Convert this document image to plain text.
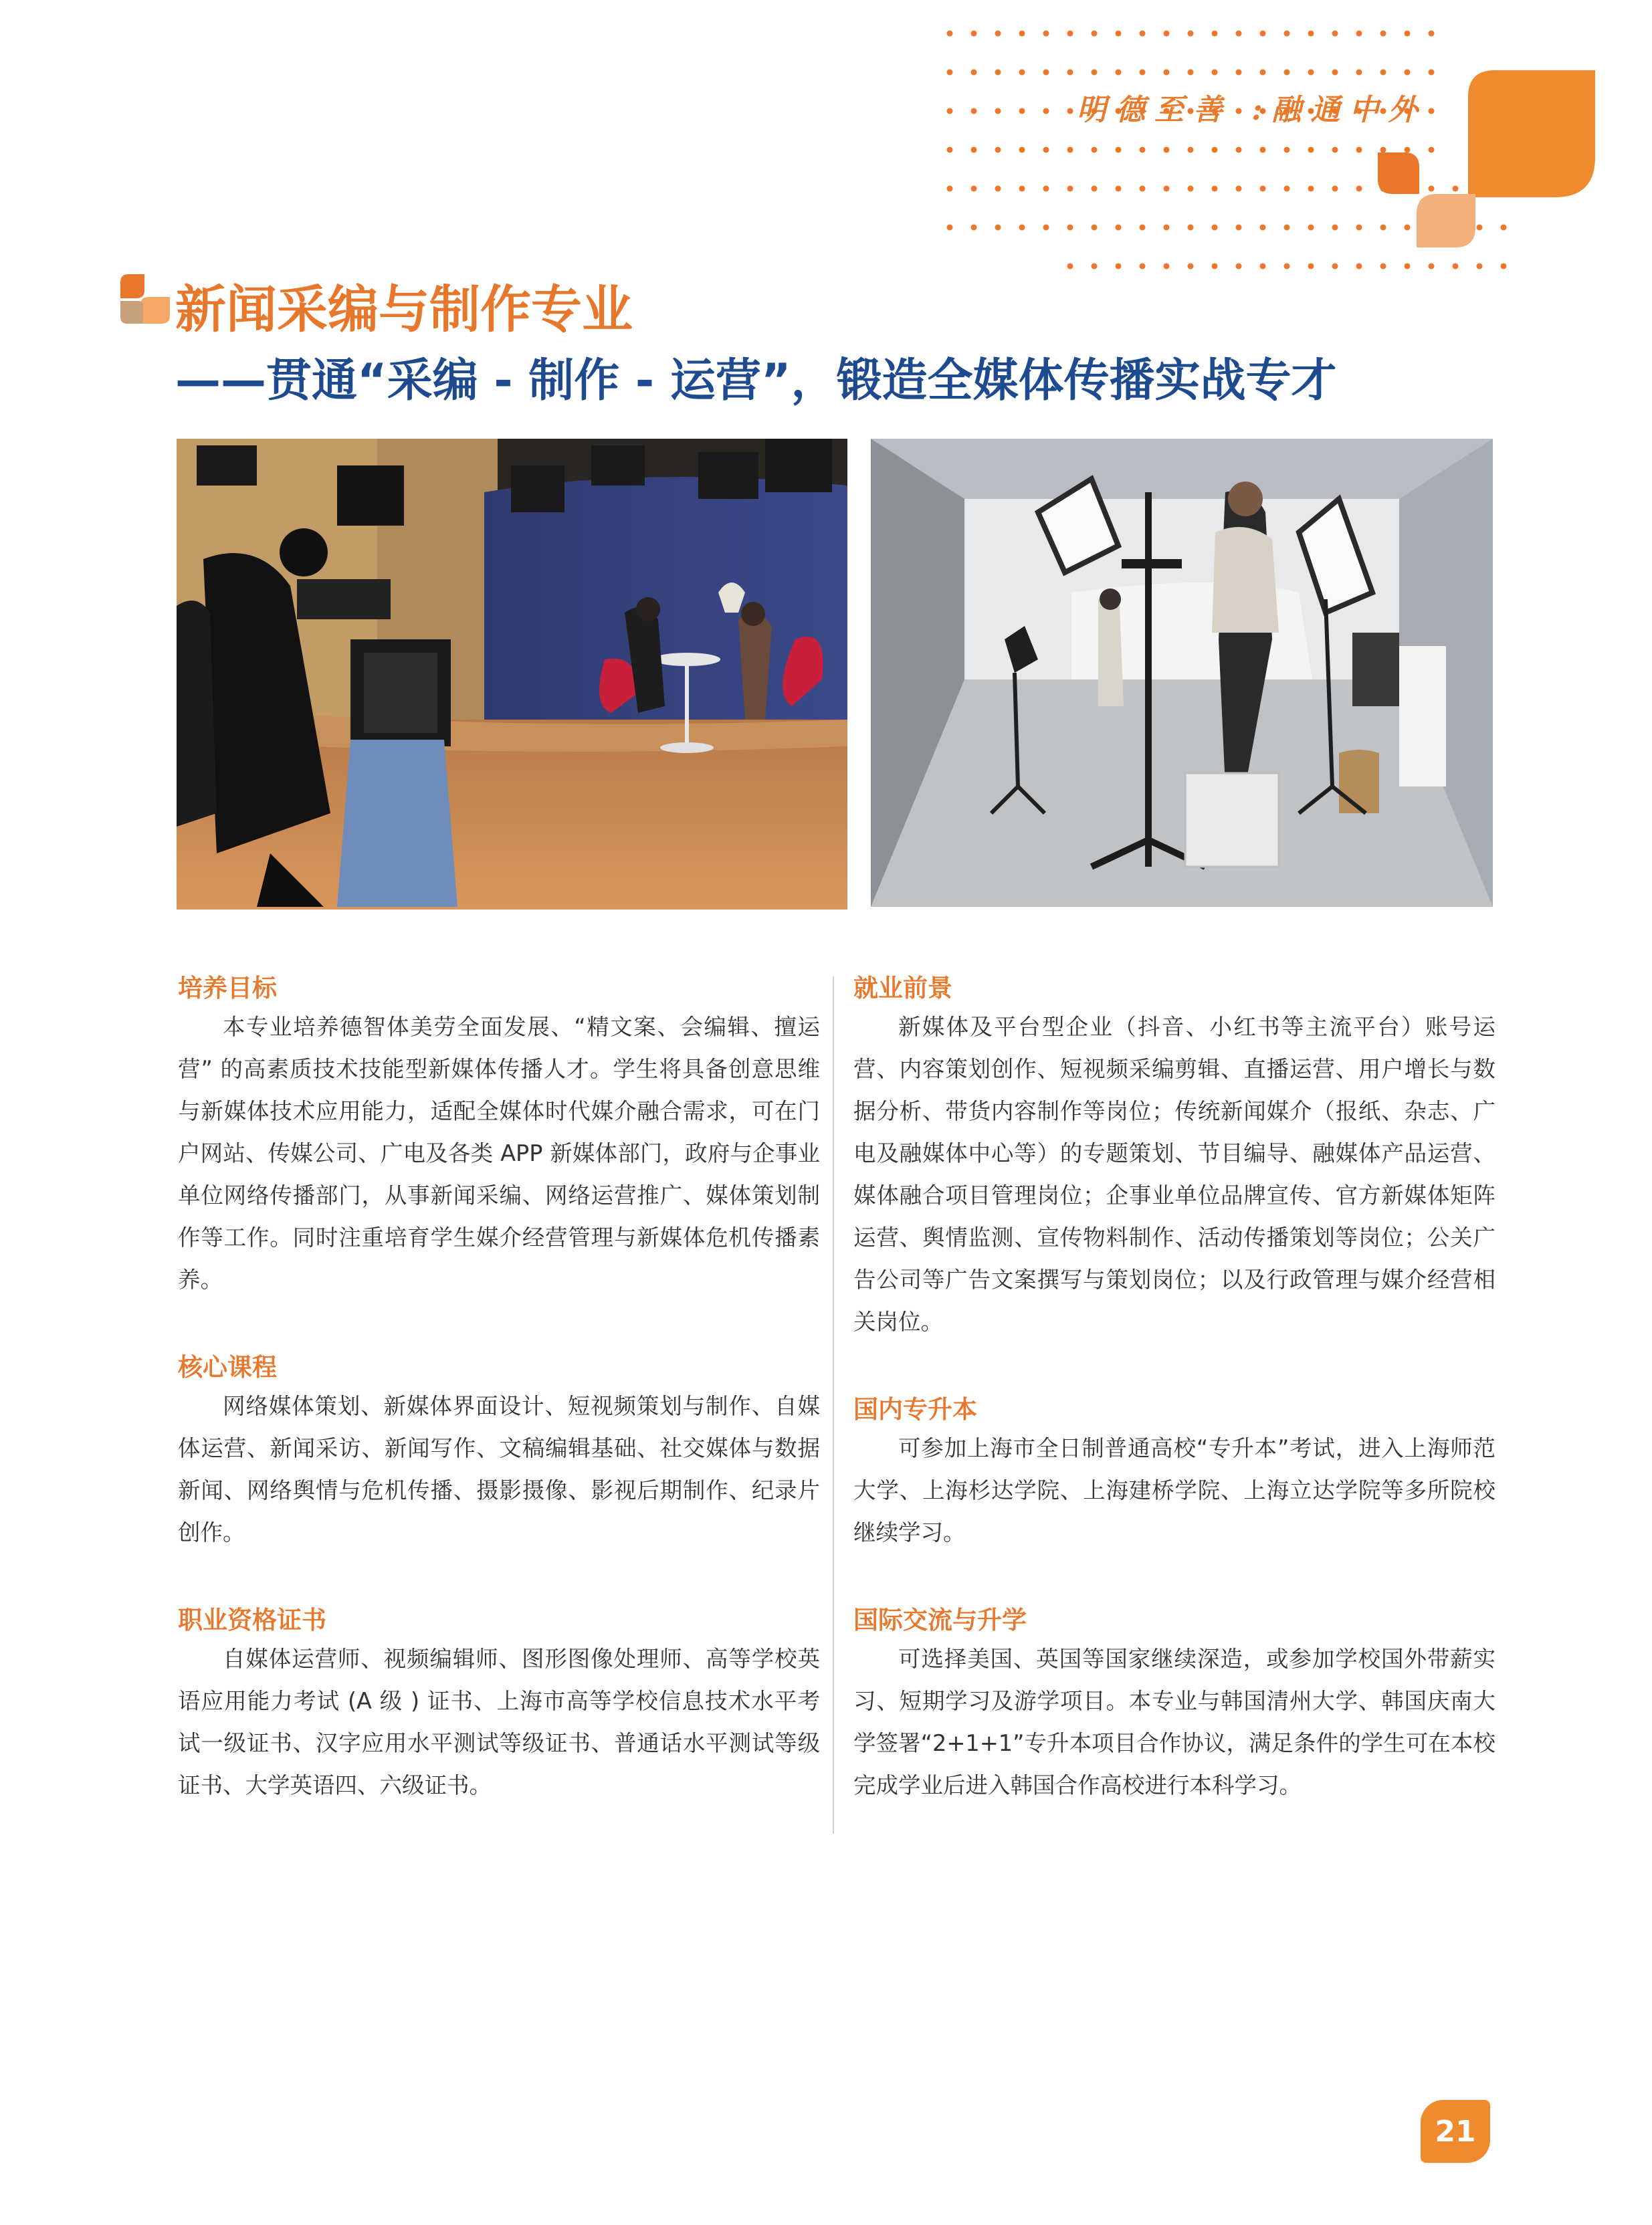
明德至善 :融通中外
新闻采编与制作专业
——贯通“采编 - 制作 - 运营”，锻造全媒体传播实战专才
培养目标

本专业培养德智体美劳全面发展、“精文案、会编辑、擅运营” 的高素质技术技能型新媒体传播人才。学生将具备创意思维与新媒体技术应用能力，适配全媒体时代媒介融合需求，可在门户网站、传媒公司、广电及各类 APP 新媒体部门，政府与企事业单位网络传播部门，从事新闻采编、网络运营推广、媒体策划制作等工作。同时注重培育学生媒介经营管理与新媒体危机传播素养。

核心课程

网络媒体策划、新媒体界面设计、短视频策划与制作、自媒体运营、新闻采访、新闻写作、文稿编辑基础、社交媒体与数据新闻、网络舆情与危机传播、摄影摄像、影视后期制作、纪录片创作。

职业资格证书

自媒体运营师、视频编辑师、图形图像处理师、高等学校英语应用能力考试 (A 级 ) 证书、上海市高等学校信息技术水平考试一级证书、汉字应用水平测试等级证书、普通话水平测试等级证书、大学英语四、六级证书。

就业前景

新媒体及平台型企业（抖音、小红书等主流平台）账号运营、内容策划创作、短视频采编剪辑、直播运营、用户增长与数据分析、带货内容制作等岗位；传统新闻媒介（报纸、杂志、广电及融媒体中心等）的专题策划、节目编导、融媒体产品运营、媒体融合项目管理岗位；企事业单位品牌宣传、官方新媒体矩阵运营、舆情监测、宣传物料制作、活动传播策划等岗位；公关广告公司等广告文案撰写与策划岗位；以及行政管理与媒介经营相关岗位。

国内专升本

可参加上海市全日制普通高校“专升本”考试，进入上海师范大学、上海杉达学院、上海建桥学院、上海立达学院等多所院校继续学习。

国际交流与升学

可选择美国、英国等国家继续深造，或参加学校国外带薪实习、短期学习及游学项目。本专业与韩国清州大学、韩国庆南大学签署“2+1+1”专升本项目合作协议，满足条件的学生可在本校完成学业后进入韩国合作高校进行本科学习。

21
